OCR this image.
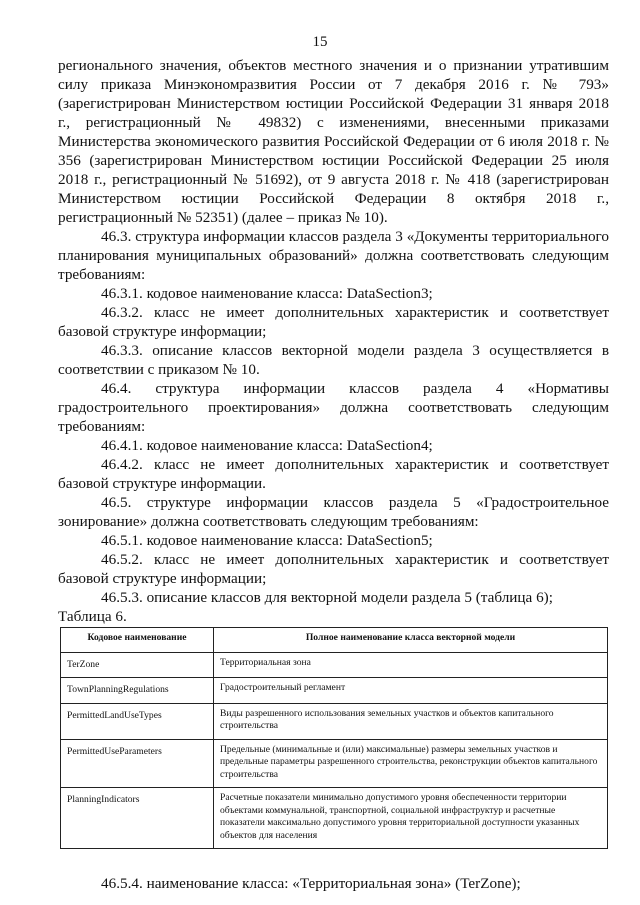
15

регионального значения, объектов местного значения и о признании утратившим силу приказа Минэкономразвития России от 7 декабря 2016 г. № 793» (зарегистрирован Министерством юстиции Российской Федерации 31 января 2018 г., регистрационный № 49832) с изменениями, внесенными приказами Министерства экономического развития Российской Федерации от 6 июля 2018 г. № 356 (зарегистрирован Министерством юстиции Российской Федерации 25 июля 2018 г., регистрационный № 51692), от 9 августа 2018 г. № 418 (зарегистрирован Министерством юстиции Российской Федерации 8 октября 2018 г., регистрационный № 52351) (далее – приказ № 10).

46.3. структура информации классов раздела 3 «Документы территориального планирования муниципальных образований» должна соответствовать следующим требованиям:

46.3.1. кодовое наименование класса: DataSection3;

46.3.2. класс не имеет дополнительных характеристик и соответствует базовой структуре информации;

46.3.3. описание классов векторной модели раздела 3 осуществляется в соответствии с приказом № 10.

46.4. структура информации классов раздела 4 «Нормативы градостроительного проектирования» должна соответствовать следующим требованиям:

46.4.1. кодовое наименование класса: DataSection4;

46.4.2. класс не имеет дополнительных характеристик и соответствует базовой структуре информации.

46.5. структуре информации классов раздела 5 «Градостроительное зонирование» должна соответствовать следующим требованиям:

46.5.1. кодовое наименование класса: DataSection5;

46.5.2. класс не имеет дополнительных характеристик и соответствует базовой структуре информации;

46.5.3. описание классов для векторной модели раздела 5 (таблица 6);

Таблица 6.

Кодовое наименование	Полное наименование класса векторной модели
TerZone	Территориальная зона
TownPlanningRegulations	Градостроительный регламент
PermittedLandUseTypes	Виды разрешенного использования земельных участков и объектов капитального строительства
PermittedUseParameters	Предельные (минимальные и (или) максимальные) размеры земельных участков и предельные параметры разрешенного строительства, реконструкции объектов капитального строительства
PlanningIndicators	Расчетные показатели минимально допустимого уровня обеспеченности территории объектами коммунальной, транспортной, социальной инфраструктур и расчетные показатели максимально допустимого уровня территориальной доступности указанных объектов для населения

46.5.4. наименование класса: «Территориальная зона» (TerZone);
